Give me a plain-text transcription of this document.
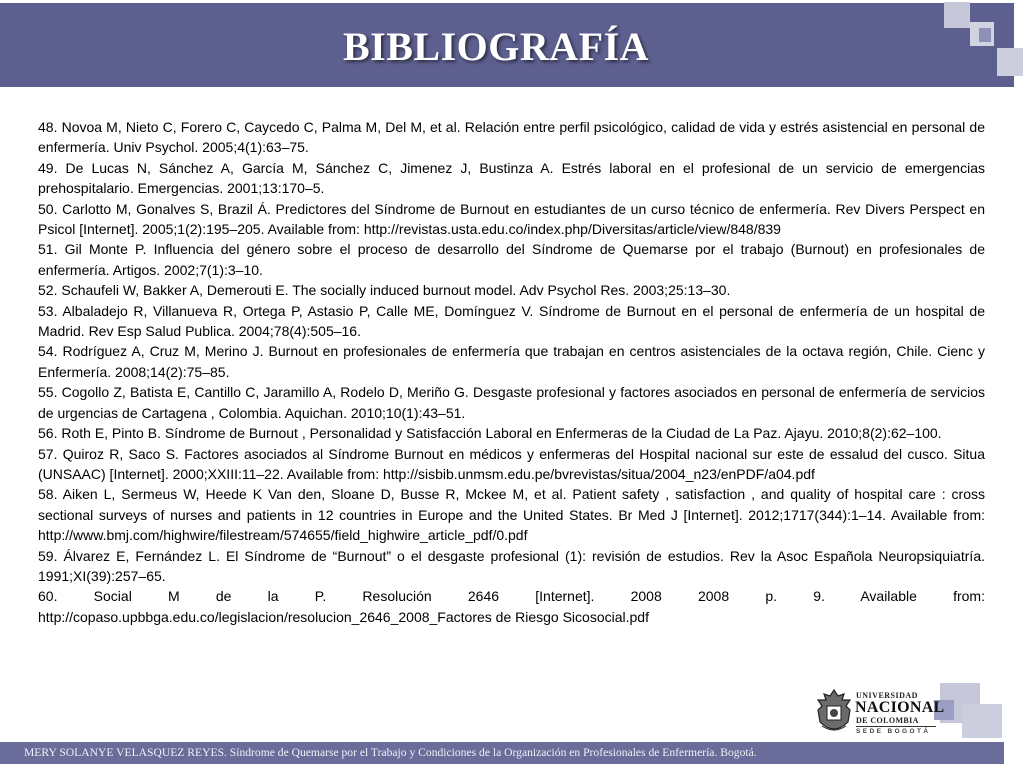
BIBLIOGRAFÍA

48. Novoa M, Nieto C, Forero C, Caycedo C, Palma M, Del M, et al. Relación entre perfil psicológico, calidad de vida y estrés asistencial en personal de enfermería. Univ Psychol. 2005;4(1):63–75.

49. De Lucas N, Sánchez A, García M, Sánchez C, Jimenez J, Bustinza A. Estrés laboral en el profesional de un servicio de emergencias prehospitalario. Emergencias. 2001;13:170–5.

50. Carlotto M, Gonalves S, Brazil Á. Predictores del Síndrome de Burnout en estudiantes de un curso técnico de enfermería. Rev Divers Perspect en Psicol [Internet]. 2005;1(2):195–205. Available from: http://revistas.usta.edu.co/index.php/Diversitas/article/view/848/839

51. Gil Monte P. Influencia del género sobre el proceso de desarrollo del Síndrome de Quemarse por el trabajo (Burnout) en profesionales de enfermería. Artigos. 2002;7(1):3–10.

52. Schaufeli W, Bakker A, Demerouti E. The socially induced burnout model. Adv Psychol Res. 2003;25:13–30.

53. Albaladejo R, Villanueva R, Ortega P, Astasio P, Calle ME, Domínguez V. Síndrome de Burnout en el personal de enfermería de un hospital de Madrid. Rev Esp Salud Publica. 2004;78(4):505–16.

54. Rodríguez A, Cruz M, Merino J. Burnout en profesionales de enfermería que trabajan en centros asistenciales de la octava región, Chile. Cienc y Enfermería. 2008;14(2):75–85.

55. Cogollo Z, Batista E, Cantillo C, Jaramillo A, Rodelo D, Meriño G. Desgaste profesional y factores asociados en personal de enfermería de servicios de urgencias de Cartagena , Colombia. Aquichan. 2010;10(1):43–51.

56. Roth E, Pinto B. Síndrome de Burnout , Personalidad y Satisfacción Laboral en Enfermeras de la Ciudad de La Paz. Ajayu. 2010;8(2):62–100.

57. Quiroz R, Saco S. Factores asociados al Síndrome Burnout en médicos y enfermeras del Hospital nacional sur este de essalud del cusco. Situa (UNSAAC) [Internet]. 2000;XXIII:11–22. Available from: http://sisbib.unmsm.edu.pe/bvrevistas/situa/2004_n23/enPDF/a04.pdf

58. Aiken L, Sermeus W, Heede K Van den, Sloane D, Busse R, Mckee M, et al. Patient safety , satisfaction , and quality of hospital care : cross sectional surveys of nurses and patients in 12 countries in Europe and the United States. Br Med J [Internet]. 2012;1717(344):1–14. Available from: http://www.bmj.com/highwire/filestream/574655/field_highwire_article_pdf/0.pdf

59. Álvarez E, Fernández L. El Síndrome de “Burnout” o el desgaste profesional (1): revisión de estudios. Rev la Asoc Española Neuropsiquiatría. 1991;XI(39):257–65.

60. Social M de la P. Resolución 2646 [Internet]. 2008 2008 p. 9. Available from: http://copaso.upbbga.edu.co/legislacion/resolucion_2646_2008_Factores de Riesgo Sicosocial.pdf

UNIVERSIDAD
NACIONAL
DE COLOMBIA
SEDE BOGOTÁ
MERY SOLANYE VELASQUEZ REYES. Síndrome de Quemarse por el Trabajo y Condiciones de la Organización en Profesionales de Enfermería. Bogotá.
